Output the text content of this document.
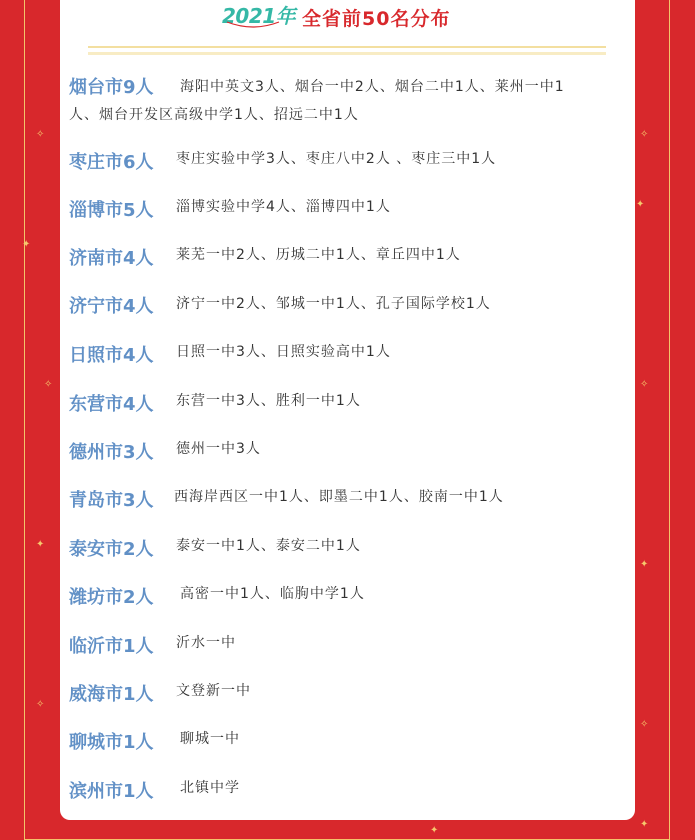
✧	✧
✦
✦
✧	✧
✦
✦
✧
✧
✦
✦
2021年 全省前50名分布
烟台市9人 海阳中英文3人、烟台一中2人、烟台二中1人、莱州一中1
人、烟台开发区高级中学1人、招远二中1人
枣庄市6人 枣庄实验中学3人、枣庄八中2人 、枣庄三中1人
淄博市5人 淄博实验中学4人、淄博四中1人
济南市4人 莱芜一中2人、历城二中1人、章丘四中1人
济宁市4人 济宁一中2人、邹城一中1人、孔子国际学校1人
日照市4人 日照一中3人、日照实验高中1人
东营市4人 东营一中3人、胜利一中1人
德州市3人 德州一中3人
青岛市3人 西海岸西区一中1人、即墨二中1人、胶南一中1人
泰安市2人 泰安一中1人、泰安二中1人
潍坊市2人 高密一中1人、临朐中学1人
临沂市1人 沂水一中
威海市1人 文登新一中
聊城市1人 聊城一中
滨州市1人 北镇中学
